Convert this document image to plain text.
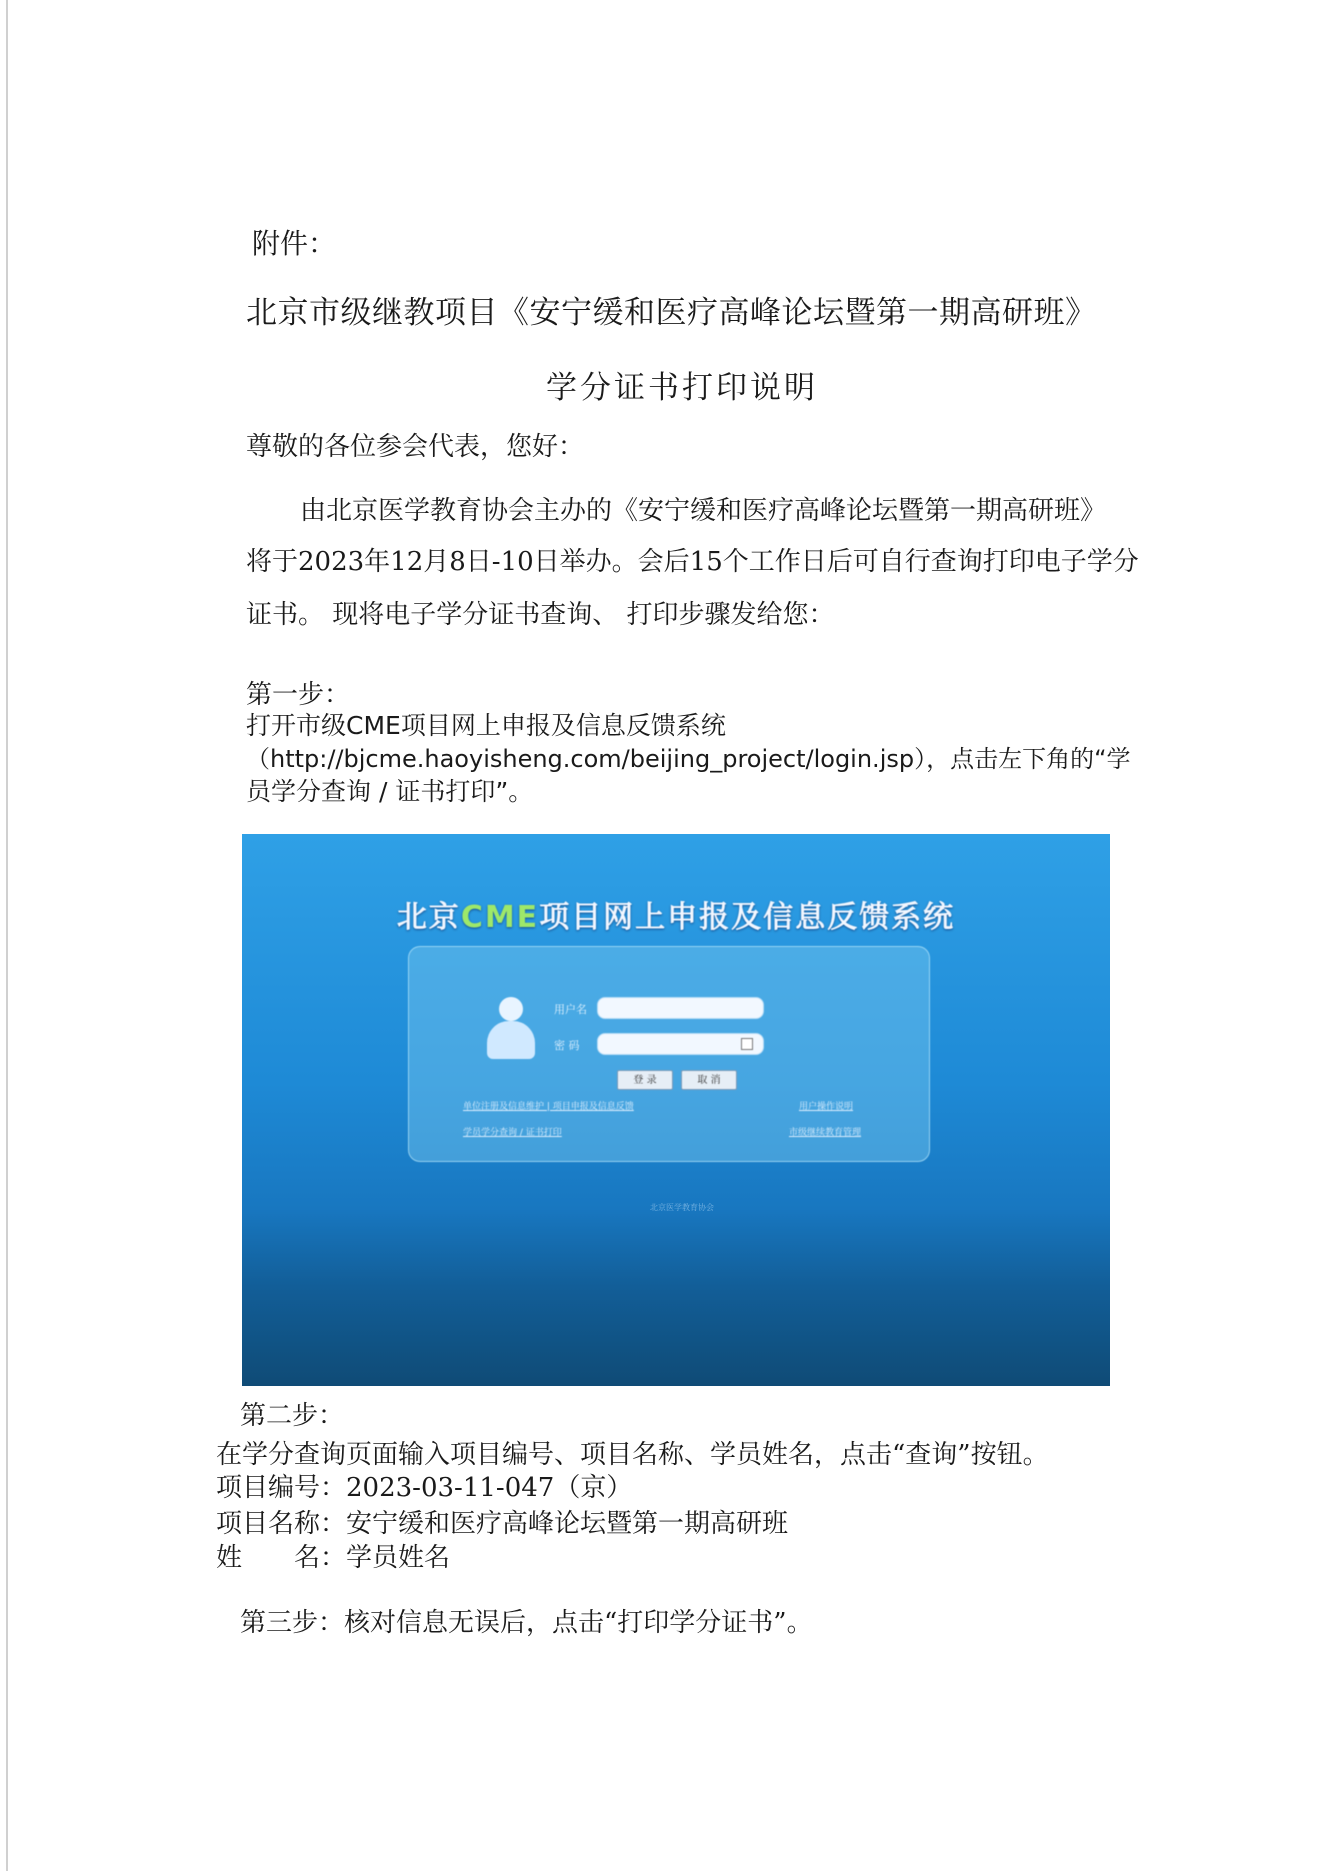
附件：
北京市级继教项目《安宁缓和医疗高峰论坛暨第一期高研班》
学分证书打印说明
尊敬的各位参会代表，您好：
由北京医学教育协会主办的《安宁缓和医疗高峰论坛暨第一期高研班》
将于2023年12月8日-10日举办。会后15个工作日后可自行查询打印电子学分
证书。 现将电子学分证书查询、 打印步骤发给您：
第一步：
打开市级CME项目网上申报及信息反馈系统
（http://bjcme.haoyisheng.com/beijing_project/login.jsp），点击左下角的“学
员学分查询 / 证书打印”。
北京CME项目网上申报及信息反馈系统
用户名
密 码
登 录	取 消
单位注册及信息维护 | 项目申报及信息反馈	用户操作说明
学员学分查询 / 证书打印	市级继续教育管理
北京医学教育协会
第二步：
在学分查询页面输入项目编号、项目名称、学员姓名，点击“查询”按钮。
项目编号：2023-03-11-047（京）
项目名称：安宁缓和医疗高峰论坛暨第一期高研班
姓　　名：学员姓名
第三步：核对信息无误后，点击“打印学分证书”。
